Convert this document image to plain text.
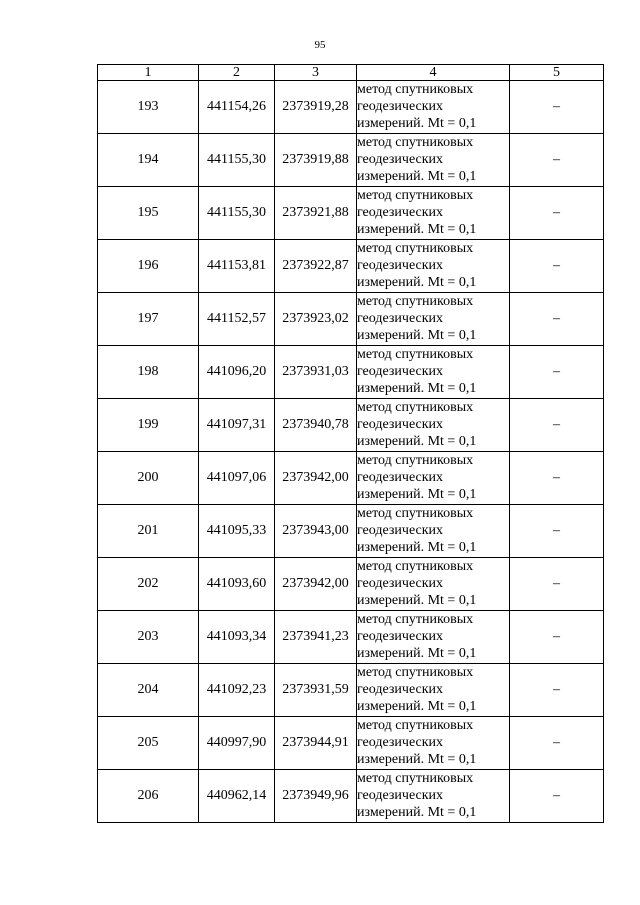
95
1	2	3	4	5
193	441154,26	2373919,28	метод спутниковых
геодезических
измерений. Mt = 0,1	–
194	441155,30	2373919,88	метод спутниковых
геодезических
измерений. Mt = 0,1	–
195	441155,30	2373921,88	метод спутниковых
геодезических
измерений. Mt = 0,1	–
196	441153,81	2373922,87	метод спутниковых
геодезических
измерений. Mt = 0,1	–
197	441152,57	2373923,02	метод спутниковых
геодезических
измерений. Mt = 0,1	–
198	441096,20	2373931,03	метод спутниковых
геодезических
измерений. Mt = 0,1	–
199	441097,31	2373940,78	метод спутниковых
геодезических
измерений. Mt = 0,1	–
200	441097,06	2373942,00	метод спутниковых
геодезических
измерений. Mt = 0,1	–
201	441095,33	2373943,00	метод спутниковых
геодезических
измерений. Mt = 0,1	–
202	441093,60	2373942,00	метод спутниковых
геодезических
измерений. Mt = 0,1	–
203	441093,34	2373941,23	метод спутниковых
геодезических
измерений. Mt = 0,1	–
204	441092,23	2373931,59	метод спутниковых
геодезических
измерений. Mt = 0,1	–
205	440997,90	2373944,91	метод спутниковых
геодезических
измерений. Mt = 0,1	–
206	440962,14	2373949,96	метод спутниковых
геодезических
измерений. Mt = 0,1	–
